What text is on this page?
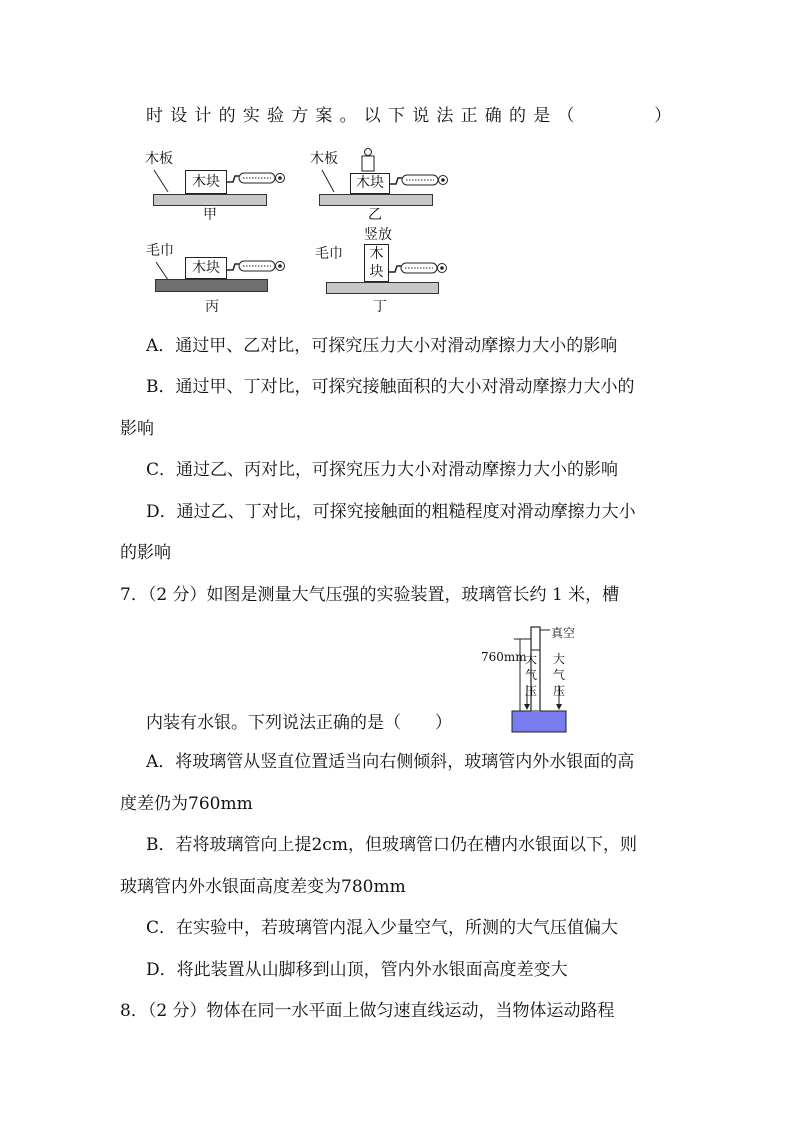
时设计的实验方案。以下说法正确的是（　　　）
木板
木块
甲
木板
木块
乙
毛巾
木块
丙
竖放
毛巾	木
块
丁
A．通过甲、乙对比，可探究压力大小对滑动摩擦力大小的影响
B．通过甲、丁对比，可探究接触面积的大小对滑动摩擦力大小的
影响
C．通过乙、丙对比，可探究压力大小对滑动摩擦力大小的影响
D．通过乙、丁对比，可探究接触面的粗糙程度对滑动摩擦力大小
的影响
7．（2 分）如图是测量大气压强的实验装置，玻璃管长约 1 米，槽
真空
760mm
大
气
压
大
气
压
内装有水银。下列说法正确的是（　　）
A．将玻璃管从竖直位置适当向右侧倾斜，玻璃管内外水银面的高
度差仍为760mm
B．若将玻璃管向上提2cm，但玻璃管口仍在槽内水银面以下，则
玻璃管内外水银面高度差变为780mm
C．在实验中，若玻璃管内混入少量空气，所测的大气压值偏大
D．将此装置从山脚移到山顶，管内外水银面高度差变大
8．（2 分）物体在同一水平面上做匀速直线运动，当物体运动路程
